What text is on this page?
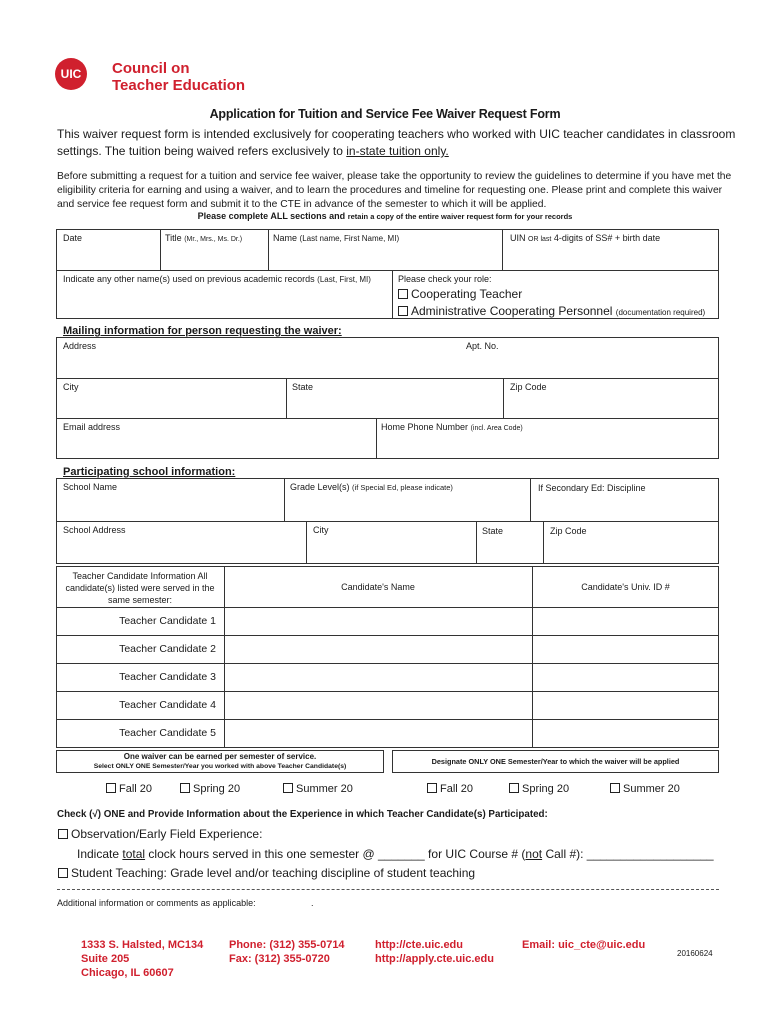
UIC	Council on
Teacher Education
Application for Tuition and Service Fee Waiver Request Form
This waiver request form is intended exclusively for cooperating teachers who worked with UIC teacher candidates in classroom settings. The tuition being waived refers exclusively to in-state tuition only.
Before submitting a request for a tuition and service fee waiver, please take the opportunity to review the guidelines to determine if you have met the eligibility criteria for earning and using a waiver, and to learn the procedures and timeline for requesting one. Please print and complete this waiver and service fee request form and submit it to the CTE in advance of the semester to which it will be applied.
Please complete ALL sections and retain a copy of the entire waiver request form for your records
Date	Title (Mr., Mrs., Ms. Dr.)	Name (Last name, First Name, MI)	UIN OR last 4-digits of SS# + birth date
Indicate any other name(s) used on previous academic records (Last, First, MI)	Please check your role:
Cooperating Teacher
Administrative Cooperating Personnel (documentation required)
Mailing information for person requesting the waiver:
Address	Apt. No.
City	State	Zip Code
Email address	Home Phone Number (incl. Area Code)
Participating school information:
School Name	Grade Level(s) (if Special Ed, please indicate)	If Secondary Ed: Discipline
School Address	City	State	Zip Code
Teacher Candidate Information All candidate(s) listed were served in the same semester:
Candidate's Name	Candidate's Univ. ID #
Teacher Candidate 1
Teacher Candidate 2
Teacher Candidate 3
Teacher Candidate 4
Teacher Candidate 5
One waiver can be earned per semester of service.
Select ONLY ONE Semester/Year you worked with above Teacher Candidate(s)
Designate ONLY ONE Semester/Year to which the waiver will be applied
Fall 20	Spring 20	Summer 20	Fall 20	Spring 20	Summer 20
Check (√) ONE and Provide Information about the Experience in which Teacher Candidate(s) Participated:
Observation/Early Field Experience:
Indicate total clock hours served in this one semester @ _______ for UIC Course # (not Call #): ___________________
Student Teaching: Grade level and/or teaching discipline of student teaching
Additional information or comments as applicable:	.
1333 S. Halsted, MC134
Suite 205
Chicago, IL 60607
Phone: (312) 355-0714
Fax: (312) 355-0720
http://cte.uic.edu
http://apply.cte.uic.edu
Email: uic_cte@uic.edu
20160624
